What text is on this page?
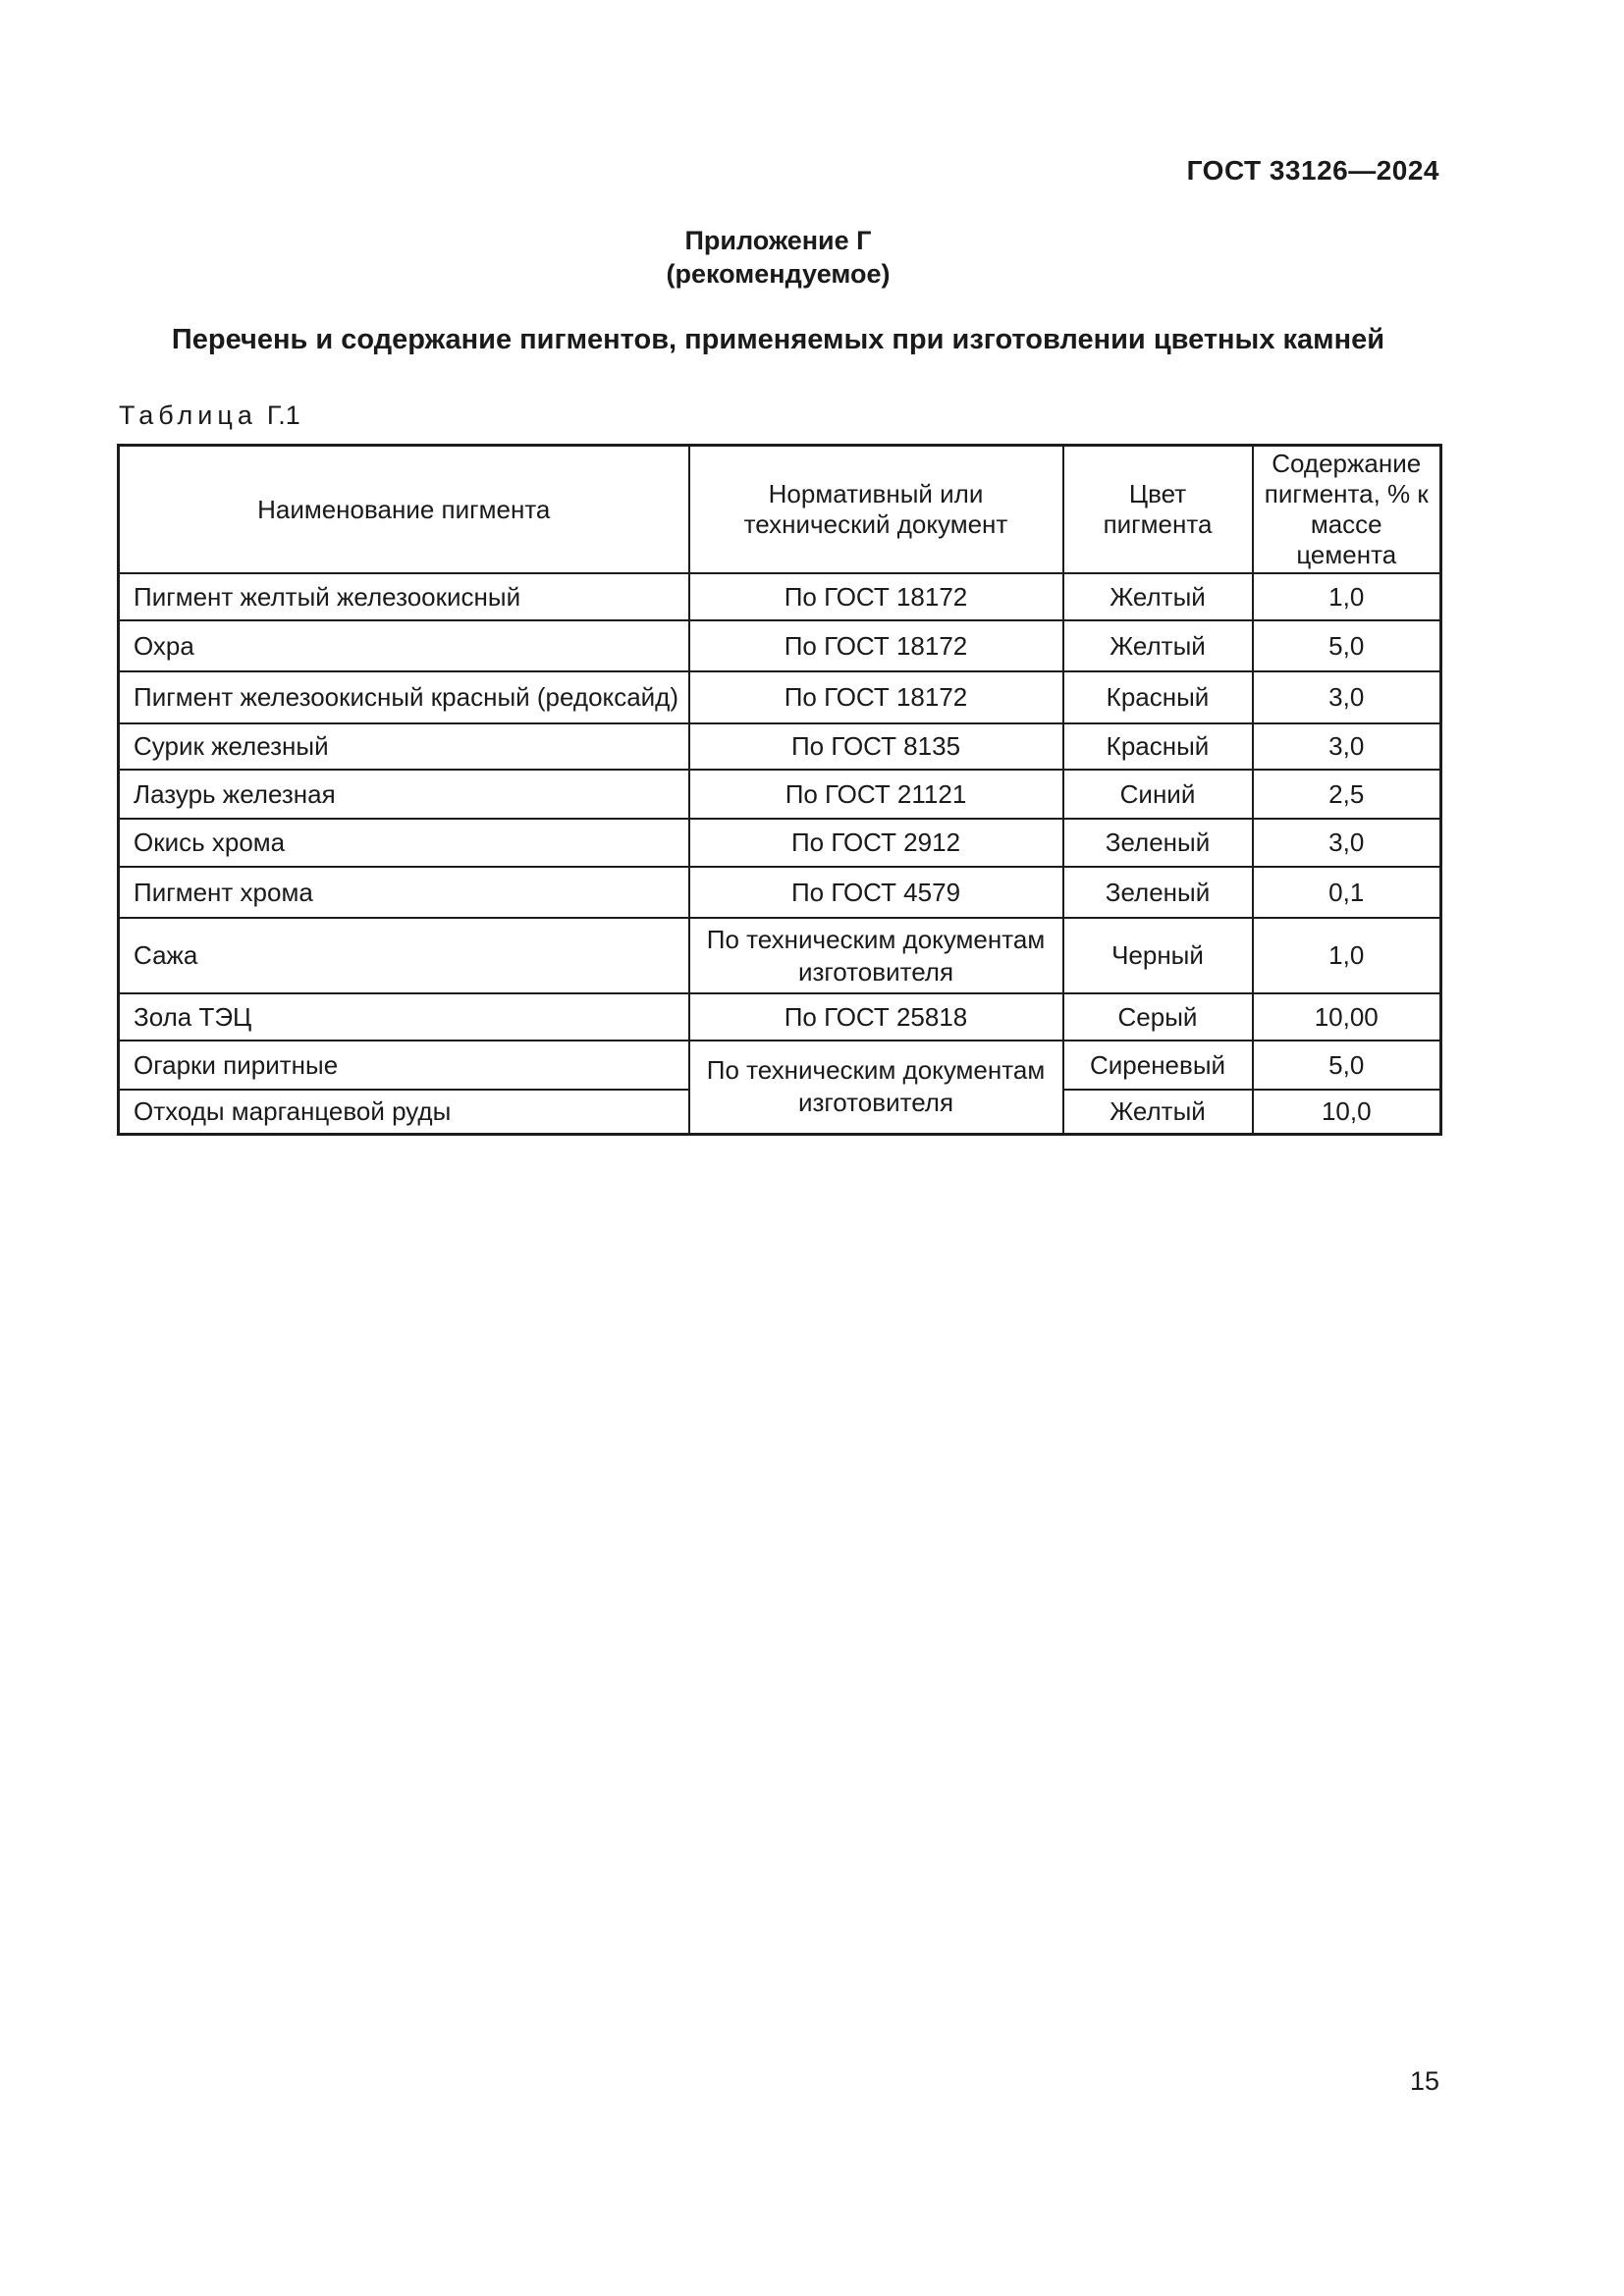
ГОСТ 33126—2024
Приложение Г
(рекомендуемое)
Перечень и содержание пигментов, применяемых при изготовлении цветных камней
Таблица Г.1
Наименование пигмента	Нормативный или технический документ	Цвет пигмента	Содержание пигмента, % к массе цемента
Пигмент желтый железоокисный	По ГОСТ 18172	Желтый	1,0
Охра	По ГОСТ 18172	Желтый	5,0
Пигмент железоокисный красный (редоксайд)	По ГОСТ 18172	Красный	3,0
Сурик железный	По ГОСТ 8135	Красный	3,0
Лазурь железная	По ГОСТ 21121	Синий	2,5
Окись хрома	По ГОСТ 2912	Зеленый	3,0
Пигмент хрома	По ГОСТ 4579	Зеленый	0,1
Сажа	По техническим документам изготовителя	Черный	1,0
Зола ТЭЦ	По ГОСТ 25818	Серый	10,00
Огарки пиритные	По техническим документам изготовителя	Сиреневый	5,0
Отходы марганцевой руды		Желтый	10,0
15
